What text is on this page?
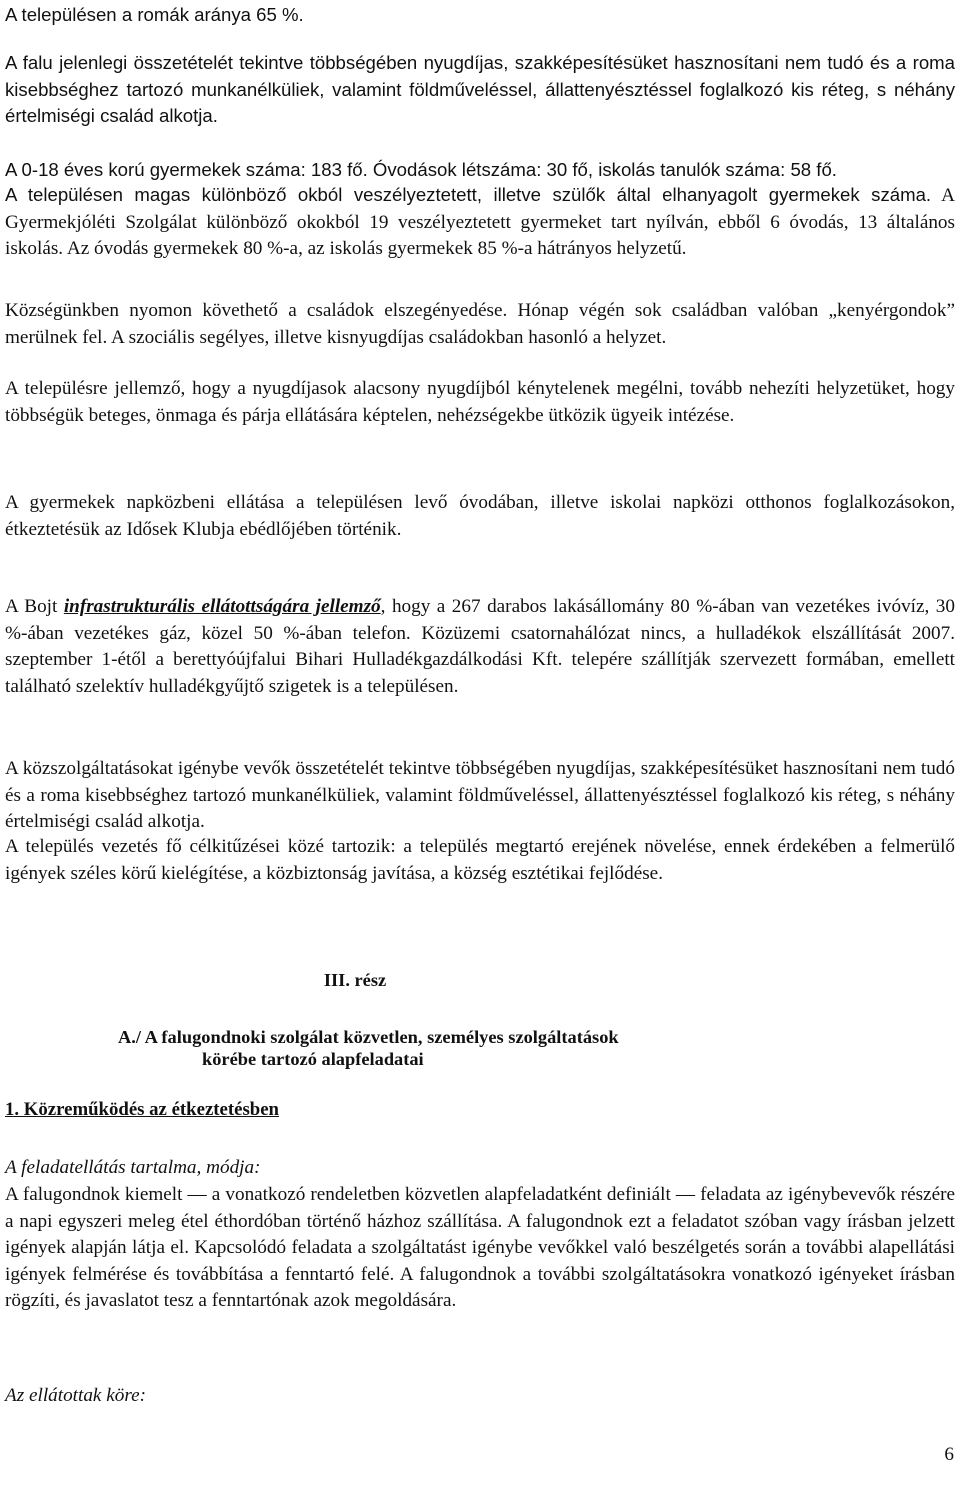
A településen a romák aránya 65 %.

A falu jelenlegi összetételét tekintve többségében nyugdíjas, szakképesítésüket hasznosítani nem tudó és a roma kisebbséghez tartozó munkanélküliek, valamint földműveléssel, állattenyésztéssel foglalkozó kis réteg, s néhány értelmiségi család alkotja.

A 0-18 éves korú gyermekek száma: 183 fő. Óvodások létszáma: 30 fő, iskolás tanulók száma: 58 fő.

A településen magas különböző okból veszélyeztetett, illetve szülők által elhanyagolt gyermekek száma. A Gyermekjóléti Szolgálat különböző okokból 19 veszélyeztetett gyermeket tart nyílván, ebből 6 óvodás, 13 általános iskolás. Az óvodás gyermekek 80 %-a, az iskolás gyermekek 85 %-a hátrányos helyzetű.

Községünkben nyomon követhető a családok elszegényedése. Hónap végén sok családban valóban „kenyérgondok” merülnek fel. A szociális segélyes, illetve kisnyugdíjas családokban hasonló a helyzet.

A településre jellemző, hogy a nyugdíjasok alacsony nyugdíjból kénytelenek megélni, tovább nehezíti helyzetüket, hogy többségük beteges, önmaga és párja ellátására képtelen, nehézségekbe ütközik ügyeik intézése.

A gyermekek napközbeni ellátása a településen levő óvodában, illetve iskolai napközi otthonos foglalkozásokon, étkeztetésük az Idősek Klubja ebédlőjében történik.

A Bojt infrastrukturális ellátottságára jellemző, hogy a 267 darabos lakásállomány 80 %-ában van vezetékes ivóvíz, 30 %-ában vezetékes gáz, közel 50 %-ában telefon. Közüzemi csatornahálózat nincs, a hulladékok elszállítását 2007. szeptember 1-étől a berettyóújfalui Bihari Hulladékgazdálkodási Kft. telepére szállítják szervezett formában, emellett található szelektív hulladékgyűjtő szigetek is a településen.

A közszolgáltatásokat igénybe vevők összetételét tekintve többségében nyugdíjas, szakképesítésüket hasznosítani nem tudó és a roma kisebbséghez tartozó munkanélküliek, valamint földműveléssel, állattenyésztéssel foglalkozó kis réteg, s néhány értelmiségi család alkotja.

A település vezetés fő célkitűzései közé tartozik: a település megtartó erejének növelése, ennek érdekében a felmerülő igények széles körű kielégítése, a közbiztonság javítása, a község esztétikai fejlődése.

III. rész

A./ A falugondnoki szolgálat közvetlen, személyes szolgáltatások

körébe tartozó alapfeladatai

1. Közreműködés az étkeztetésben

A feladatellátás tartalma, módja:

A falugondnok kiemelt — a vonatkozó rendeletben közvetlen alapfeladatként definiált — feladata az igénybevevők részére a napi egyszeri meleg étel éthordóban történő házhoz szállítása. A falugondnok ezt a feladatot szóban vagy írásban jelzett igények alapján látja el. Kapcsolódó feladata a szolgáltatást igénybe vevőkkel való beszélgetés során a további alapellátási igények felmérése és továbbítása a fenntartó felé. A falugondnok a további szolgáltatásokra vonatkozó igényeket írásban rögzíti, és javaslatot tesz a fenntartónak azok megoldására.

Az ellátottak köre:

6
